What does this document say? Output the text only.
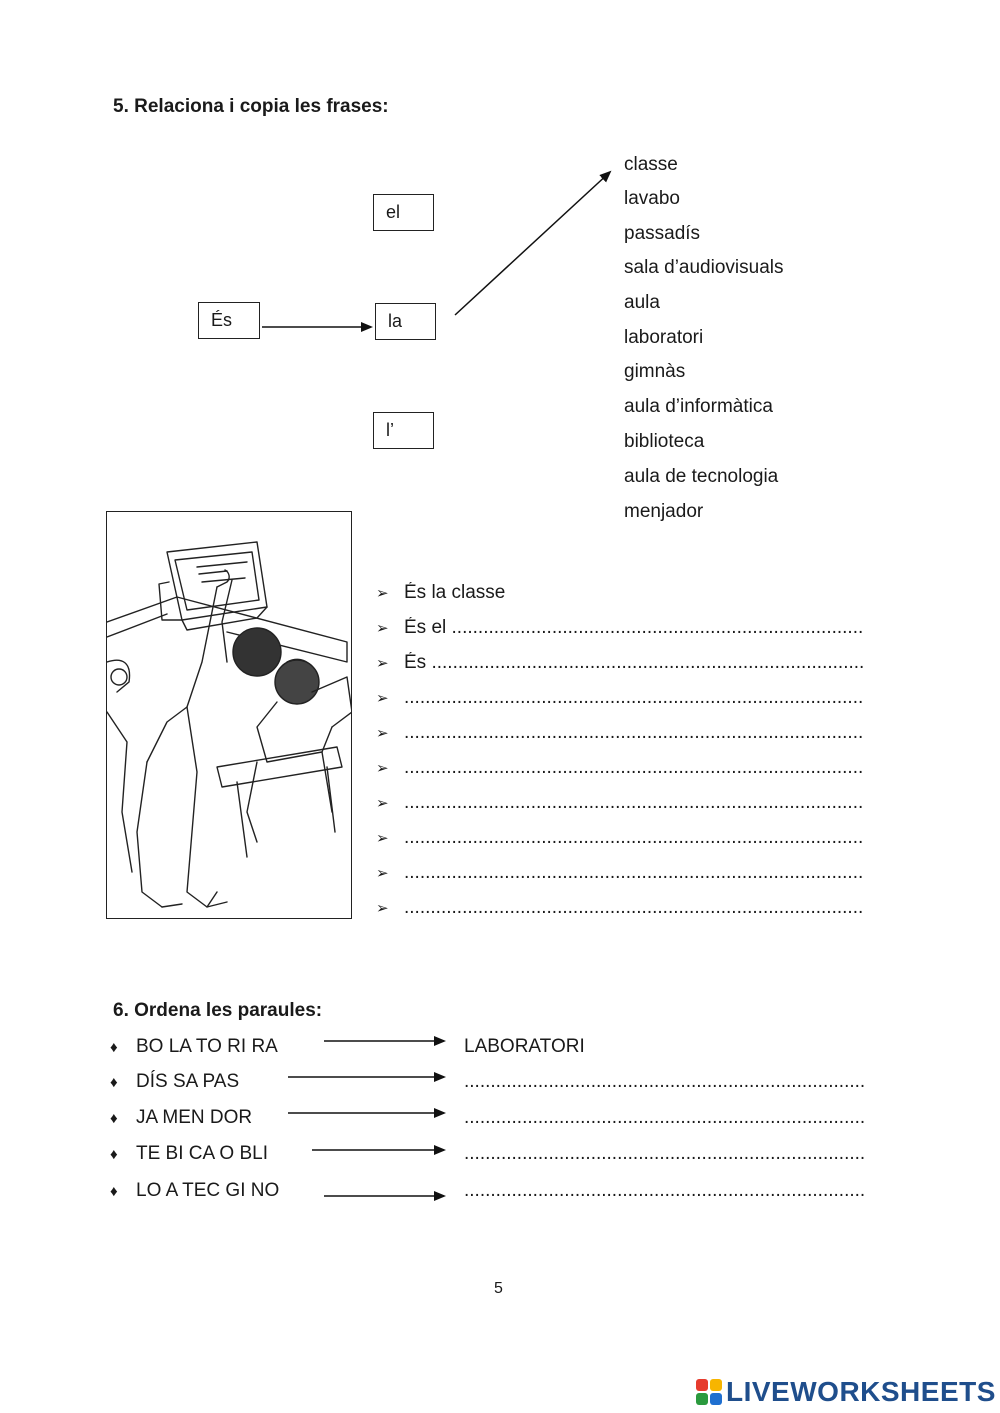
5. Relaciona i copia les frases:
És
el
la
l’
classe
lavabo
passadís
sala d’audiovisuals
aula
laboratori
gimnàs
aula d’informàtica
biblioteca
aula de tecnologia
menjador
➢ És la classe
➢ És el ..............................................................................
➢ És ..................................................................................
➢ .......................................................................................
➢ .......................................................................................
➢ .......................................................................................
➢ .......................................................................................
➢ .......................................................................................
➢ .......................................................................................
➢ .......................................................................................
6. Ordena les paraules:
♦ BO LA TO RI RA
♦ DÍS SA PAS
♦ JA MEN DOR
♦ TE BI CA O BLI
♦ LO A TEC GI NO
LABORATORI
............................................................................
............................................................................
............................................................................
............................................................................
5
LIVEWORKSHEETS
